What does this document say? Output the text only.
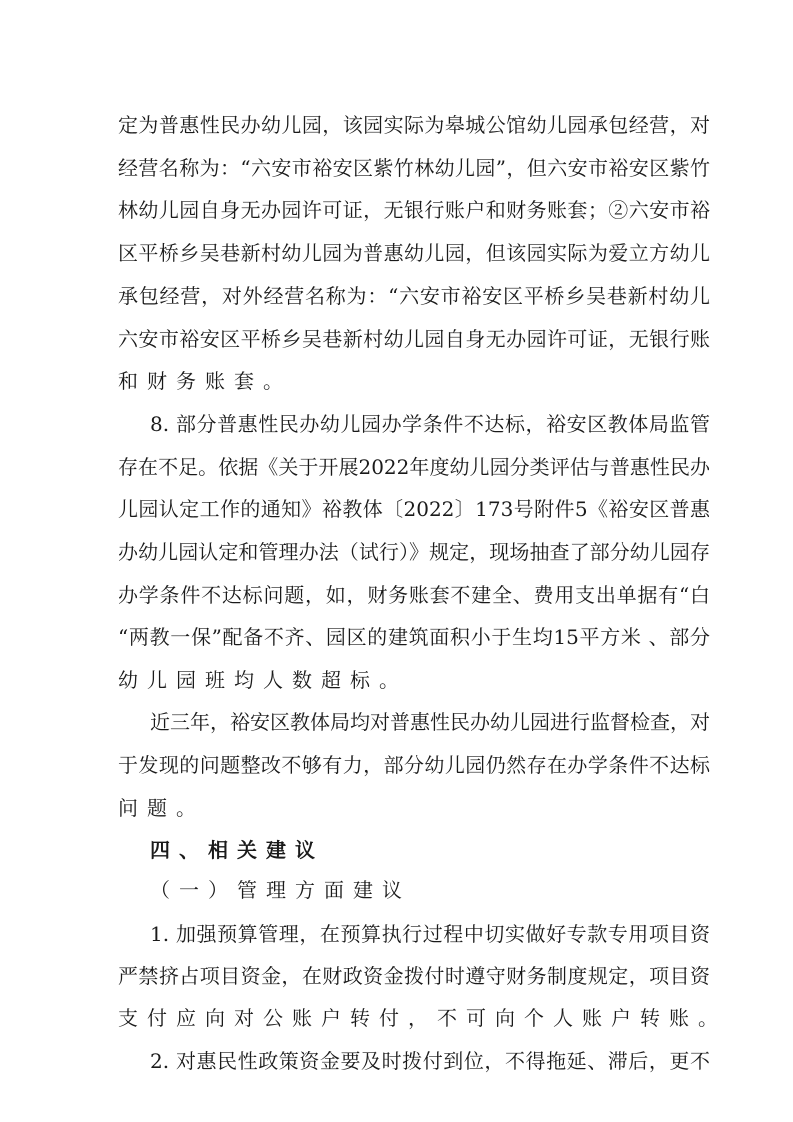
定为普惠性民办幼儿园，该园实际为皋城公馆幼儿园承包经营，对
经营名称为：“六安市裕安区紫竹林幼儿园”，但六安市裕安区紫竹
林幼儿园自身无办园许可证，无银行账户和财务账套；②六安市裕
区平桥乡吴巷新村幼儿园为普惠幼儿园，但该园实际为爱立方幼儿
承包经营，对外经营名称为：“六安市裕安区平桥乡吴巷新村幼儿
六安市裕安区平桥乡吴巷新村幼儿园自身无办园许可证，无银行账
和财务账套。
8. 部分普惠性民办幼儿园办学条件不达标，裕安区教体局监管
存在不足。依据《关于开展2022年度幼儿园分类评估与普惠性民办
儿园认定工作的通知》裕教体〔2022〕173号附件5《裕安区普惠
办幼儿园认定和管理办法（试行）》规定，现场抽查了部分幼儿园存
办学条件不达标问题，如，财务账套不建全、费用支出单据有“白
“两教一保”配备不齐、园区的建筑面积小于生均15平方米 、部分
幼儿园班均人数超标。
近三年，裕安区教体局均对普惠性民办幼儿园进行监督检查，对
于发现的问题整改不够有力，部分幼儿园仍然存在办学条件不达标
问题。
四、相关建议
（一）管理方面建议
1. 加强预算管理，在预算执行过程中切实做好专款专用项目资
严禁挤占项目资金，在财政资金拨付时遵守财务制度规定，项目资
支付应向对公账户转付，不可向个人账户转账。
2. 对惠民性政策资金要及时拨付到位，不得拖延、滞后，更不
